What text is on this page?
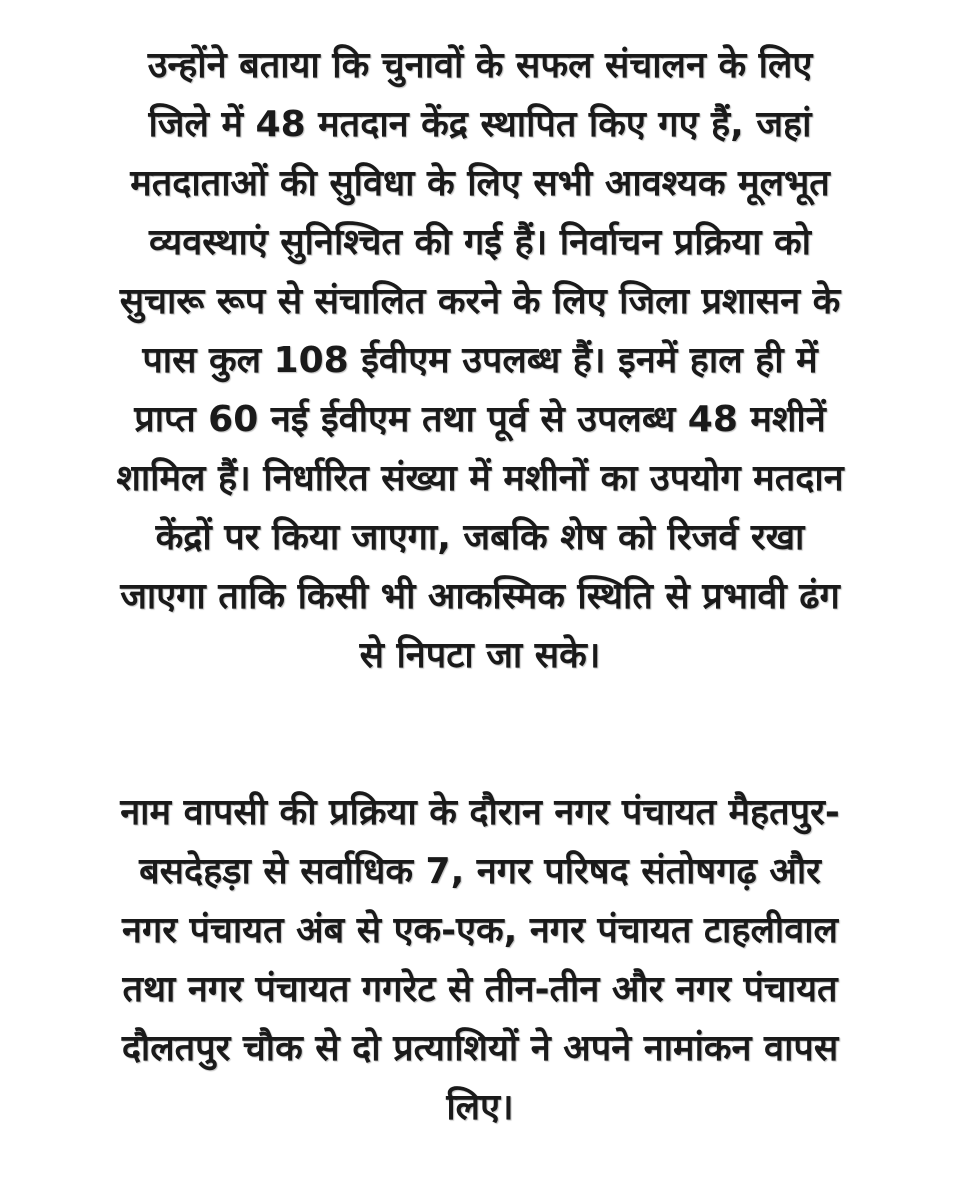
उन्होंने बताया कि चुनावों के सफल संचालन के लिए
जिले में 48 मतदान केंद्र स्थापित किए गए हैं, जहां
मतदाताओं की सुविधा के लिए सभी आवश्यक मूलभूत
व्यवस्थाएं सुनिश्चित की गई हैं। निर्वाचन प्रक्रिया को
सुचारू रूप से संचालित करने के लिए जिला प्रशासन के
पास कुल 108 ईवीएम उपलब्ध हैं। इनमें हाल ही में
प्राप्त 60 नई ईवीएम तथा पूर्व से उपलब्ध 48 मशीनें
शामिल हैं। निर्धारित संख्या में मशीनों का उपयोग मतदान
केंद्रों पर किया जाएगा, जबकि शेष को रिजर्व रखा
जाएगा ताकि किसी भी आकस्मिक स्थिति से प्रभावी ढंग
से निपटा जा सके।

नाम वापसी की प्रक्रिया के दौरान नगर पंचायत मैहतपुर-
बसदेहड़ा से सर्वाधिक 7, नगर परिषद संतोषगढ़ और
नगर पंचायत अंब से एक-एक, नगर पंचायत टाहलीवाल
तथा नगर पंचायत गगरेट से तीन-तीन और नगर पंचायत
दौलतपुर चौक से दो प्रत्याशियों ने अपने नामांकन वापस
लिए।
